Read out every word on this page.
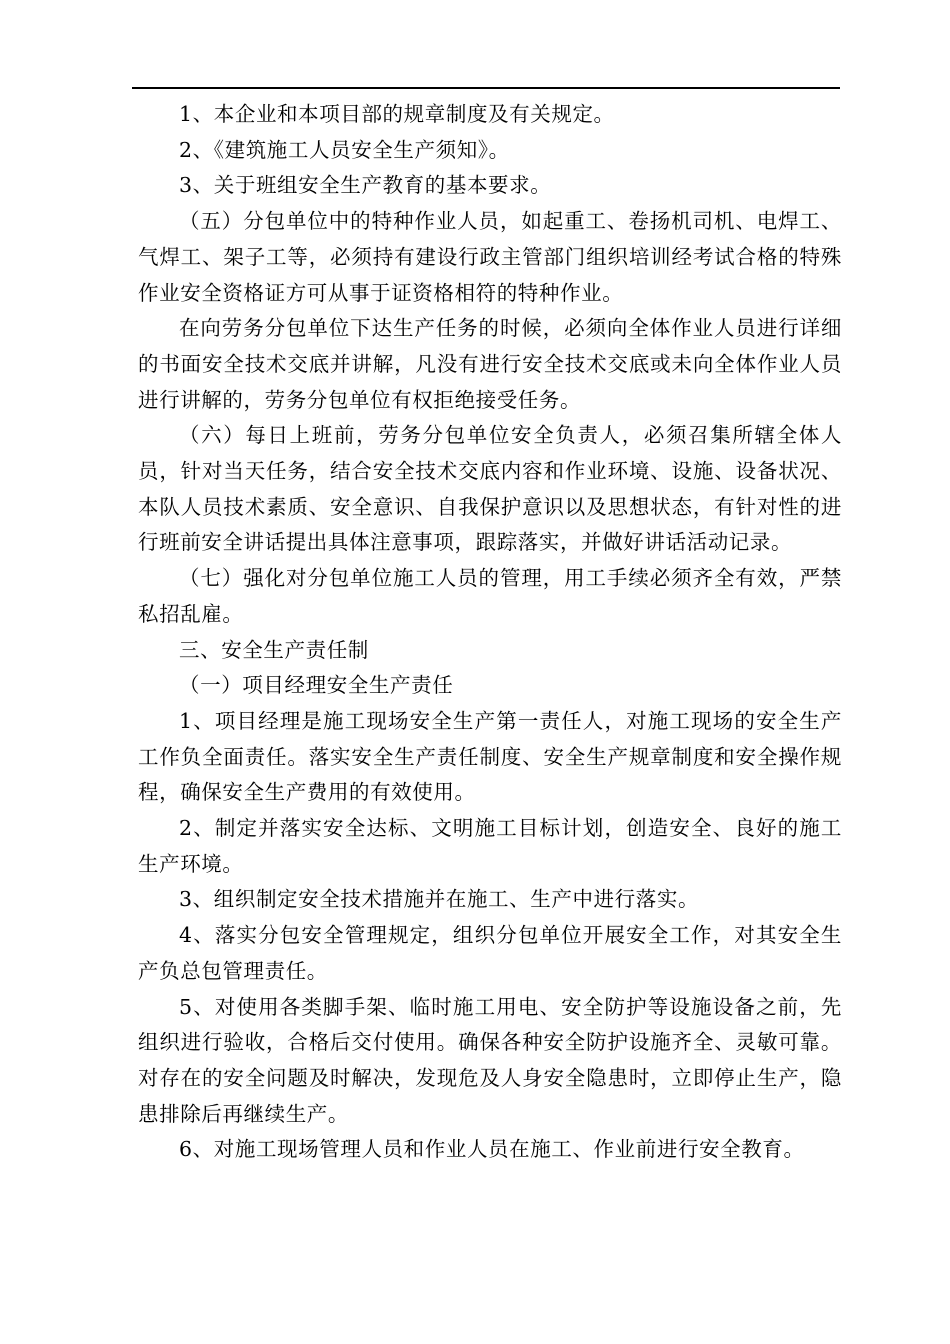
1、本企业和本项目部的规章制度及有关规定。

2、《建筑施工人员安全生产须知》。

3、关于班组安全生产教育的基本要求。

（五）分包单位中的特种作业人员，如起重工、卷扬机司机、电焊工、气焊工、架子工等，必须持有建设行政主管部门组织培训经考试合格的特殊作业安全资格证方可从事于证资格相符的特种作业。

在向劳务分包单位下达生产任务的时候，必须向全体作业人员进行详细的书面安全技术交底并讲解，凡没有进行安全技术交底或未向全体作业人员进行讲解的，劳务分包单位有权拒绝接受任务。

（六）每日上班前，劳务分包单位安全负责人，必须召集所辖全体人员，针对当天任务，结合安全技术交底内容和作业环境、设施、设备状况、本队人员技术素质、安全意识、自我保护意识以及思想状态，有针对性的进行班前安全讲话提出具体注意事项，跟踪落实，并做好讲话活动记录。

（七）强化对分包单位施工人员的管理，用工手续必须齐全有效，严禁私招乱雇。

三、安全生产责任制

（一）项目经理安全生产责任

1、项目经理是施工现场安全生产第一责任人，对施工现场的安全生产工作负全面责任。落实安全生产责任制度、安全生产规章制度和安全操作规程，确保安全生产费用的有效使用。

2、制定并落实安全达标、文明施工目标计划，创造安全、良好的施工生产环境。

3、组织制定安全技术措施并在施工、生产中进行落实。

4、落实分包安全管理规定，组织分包单位开展安全工作，对其安全生产负总包管理责任。

5、对使用各类脚手架、临时施工用电、安全防护等设施设备之前，先组织进行验收，合格后交付使用。确保各种安全防护设施齐全、灵敏可靠。对存在的安全问题及时解决，发现危及人身安全隐患时，立即停止生产，隐患排除后再继续生产。

6、对施工现场管理人员和作业人员在施工、作业前进行安全教育。
